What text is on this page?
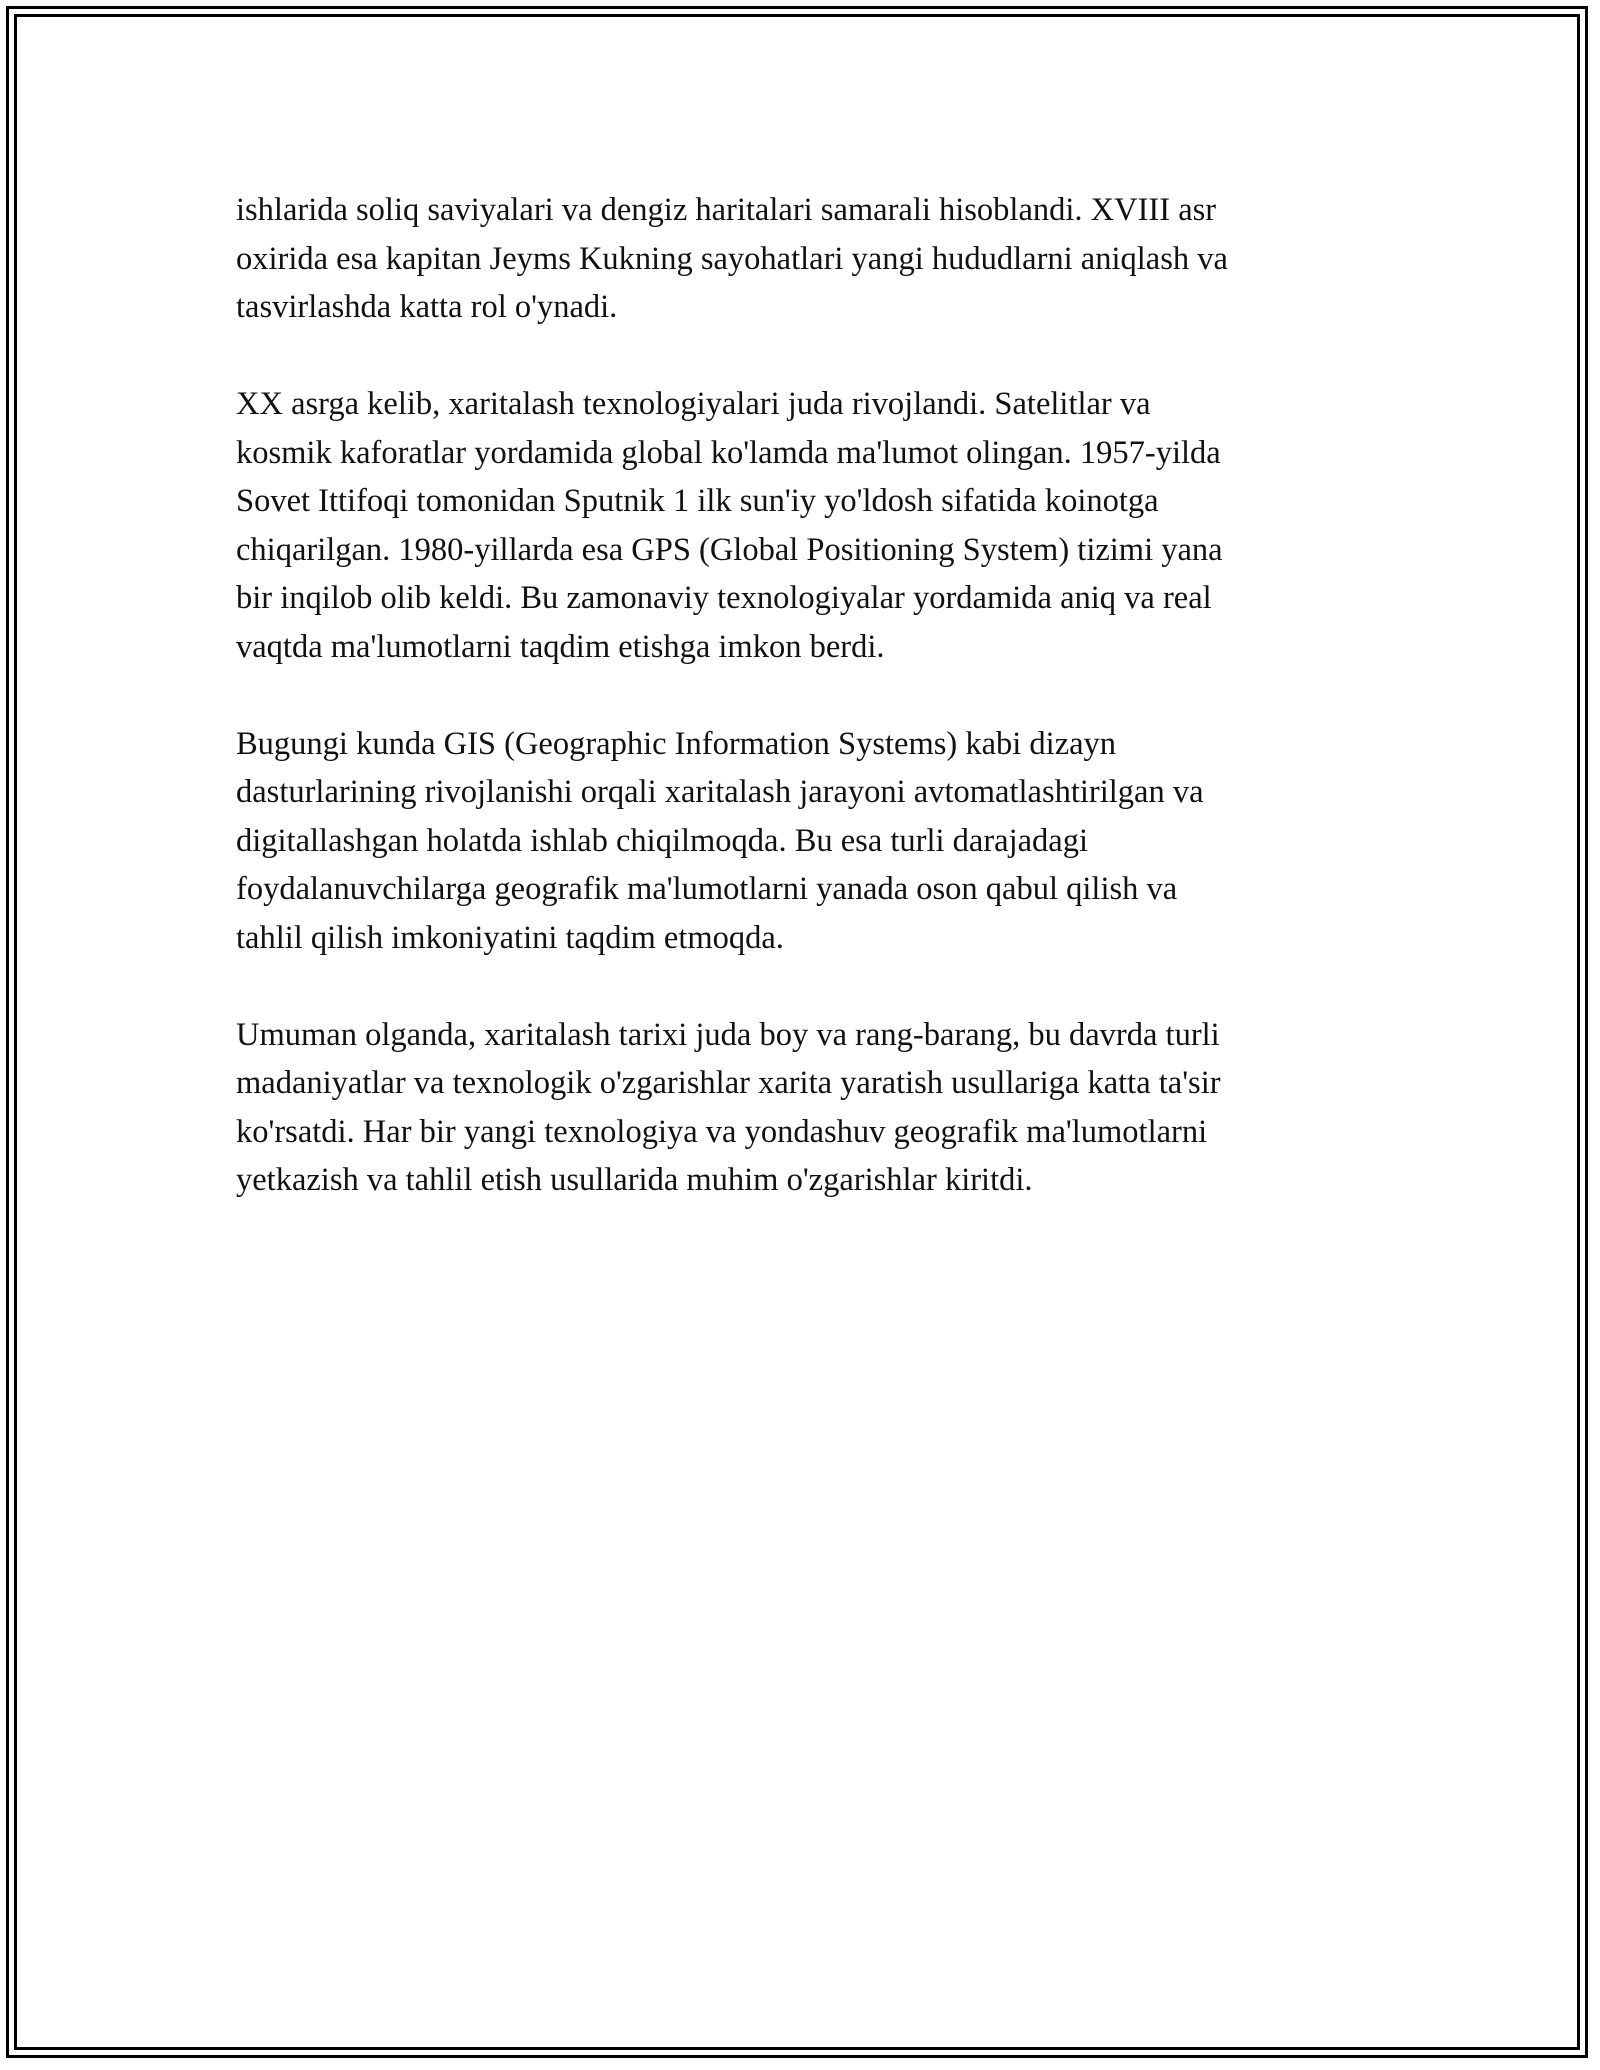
ishlarida soliq saviyalari va dengiz haritalari samarali hisoblandi. XVIII asr
oxirida esa kapitan Jeyms Kukning sayohatlari yangi hududlarni aniqlash va
tasvirlashda katta rol o'ynadi.

XX asrga kelib, xaritalash texnologiyalari juda rivojlandi. Satelitlar va
kosmik kaforatlar yordamida global ko'lamda ma'lumot olingan. 1957-yilda
Sovet Ittifoqi tomonidan Sputnik 1 ilk sun'iy yo'ldosh sifatida koinotga
chiqarilgan. 1980-yillarda esa GPS (Global Positioning System) tizimi yana
bir inqilob olib keldi. Bu zamonaviy texnologiyalar yordamida aniq va real
vaqtda ma'lumotlarni taqdim etishga imkon berdi.

Bugungi kunda GIS (Geographic Information Systems) kabi dizayn
dasturlarining rivojlanishi orqali xaritalash jarayoni avtomatlashtirilgan va
digitallashgan holatda ishlab chiqilmoqda. Bu esa turli darajadagi
foydalanuvchilarga geografik ma'lumotlarni yanada oson qabul qilish va
tahlil qilish imkoniyatini taqdim etmoqda.

Umuman olganda, xaritalash tarixi juda boy va rang-barang, bu davrda turli
madaniyatlar va texnologik o'zgarishlar xarita yaratish usullariga katta ta'sir
ko'rsatdi. Har bir yangi texnologiya va yondashuv geografik ma'lumotlarni
yetkazish va tahlil etish usullarida muhim o'zgarishlar kiritdi.
